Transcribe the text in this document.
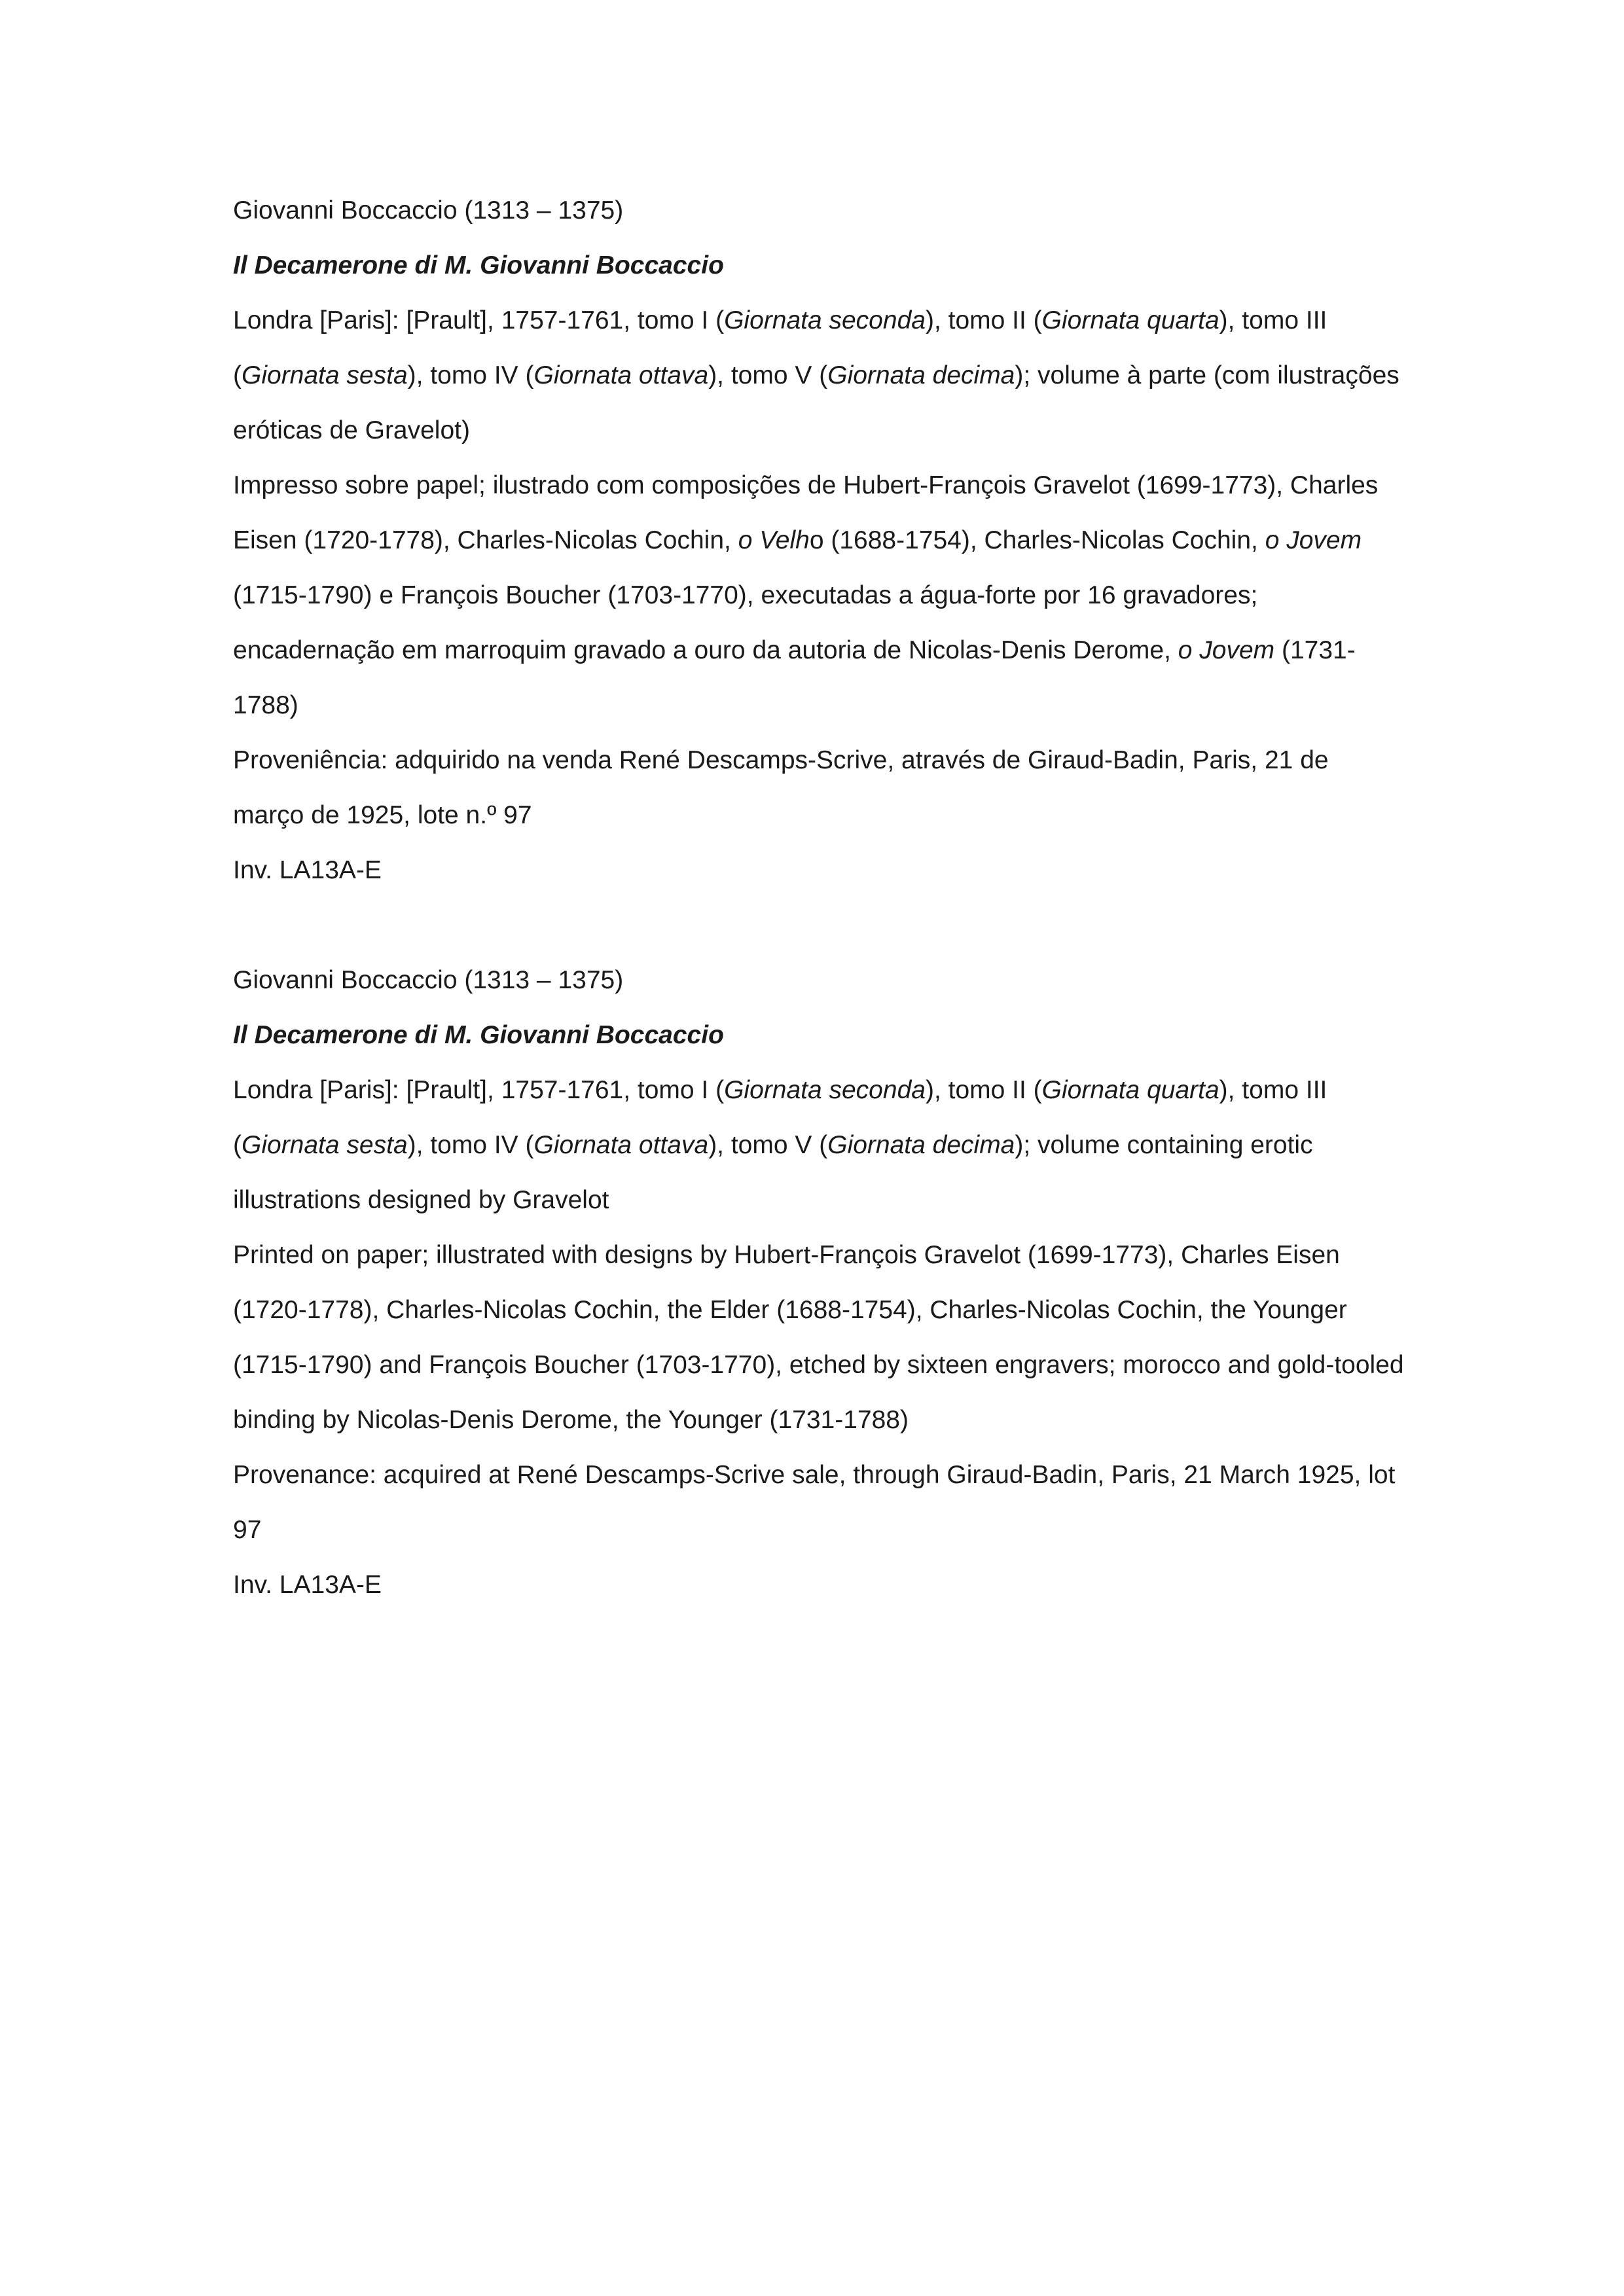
Giovanni Boccaccio (1313 – 1375)

Il Decamerone di M. Giovanni Boccaccio

Londra [Paris]: [Prault], 1757-1761, tomo I (Giornata seconda), tomo II (Giornata quarta), tomo III (Giornata sesta), tomo IV (Giornata ottava), tomo V (Giornata decima); volume à parte (com ilustrações eróticas de Gravelot)

Impresso sobre papel; ilustrado com composições de Hubert-François Gravelot (1699-1773), Charles Eisen (1720-1778), Charles-Nicolas Cochin, o Velho (1688-1754), Charles-Nicolas Cochin, o Jovem (1715-1790) e François Boucher (1703-1770), executadas a água-forte por 16 gravadores; encadernação em marroquim gravado a ouro da autoria de Nicolas-Denis Derome, o Jovem (1731-1788)

Proveniência: adquirido na venda René Descamps-Scrive, através de Giraud-Badin, Paris, 21 de março de 1925, lote n.º 97

Inv. LA13A-E

Giovanni Boccaccio (1313 – 1375)

Il Decamerone di M. Giovanni Boccaccio

Londra [Paris]: [Prault], 1757-1761, tomo I (Giornata seconda), tomo II (Giornata quarta), tomo III (Giornata sesta), tomo IV (Giornata ottava), tomo V (Giornata decima); volume containing erotic illustrations designed by Gravelot

Printed on paper; illustrated with designs by Hubert-François Gravelot (1699-1773), Charles Eisen (1720-1778), Charles-Nicolas Cochin, the Elder (1688-1754), Charles-Nicolas Cochin, the Younger (1715-1790) and François Boucher (1703-1770), etched by sixteen engravers; morocco and gold-tooled binding by Nicolas-Denis Derome, the Younger (1731-1788)

Provenance: acquired at René Descamps-Scrive sale, through Giraud-Badin, Paris, 21 March 1925, lot 97

Inv. LA13A-E
